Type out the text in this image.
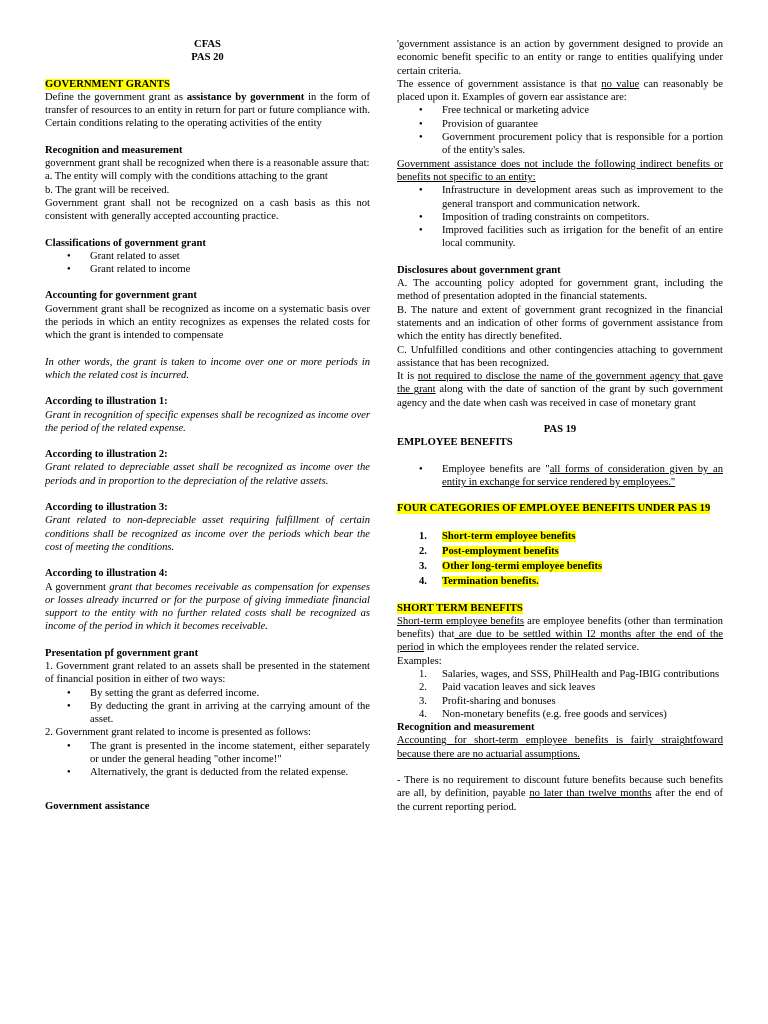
CFAS

PAS 20

GOVERNMENT GRANTS

Define the government grant as assistance by government in the form of transfer of resources to an entity in return for part or future compliance with. Certain conditions relating to the operating activities of the entity

Recognition and measurement

government grant shall be recognized when there is a reasonable assure that:

a. The entity will comply with the conditions attaching to the grant

b. The grant will be received.

Government grant shall not be recognized on a cash basis as this not consistent with generally accepted accounting practice.

Classifications of government grant

● Grant related to asset
● Grant related to income

Accounting for government grant

Government grant shall be recognized as income on a systematic basis over the periods in which an entity recognizes as expenses the related costs for which the grant is intended to compensate

In other words, the grant is taken to income over one or more periods in which the related cost is incurred.

According to illustration 1:

Grant in recognition of specific expenses shall be recognized as income over the period of the related expense.

According to illustration 2:

Grant related to depreciable asset shall be recognized as income over the periods and in proportion to the depreciation of the relative assets.

According to illustration 3:

Grant related to non-depreciable asset requiring fulfillment of certain conditions shall be recognized as income over the periods which bear the cost of meeting the conditions.

According to illustration 4:

A government grant that becomes receivable as compensation for expenses or losses already incurred or for the purpose of giving immediate financial support to the entity with no further related costs shall be recognized as income of the period in which it becomes receivable.

Presentation pf government grant

1. Government grant related to an assets shall be presented in the statement of financial position in either of two ways:

● By setting the grant as deferred income.
● By deducting the grant in arriving at the carrying amount of the asset.

2. Government grant related to income is presented as follows:

● The grant is presented in the income statement, either separately or under the general heading "other income!"
● Alternatively, the grant is deducted from the related expense.

Government assistance

'government assistance is an action by government designed to provide an economic benefit specific to an entity or range to entities qualifying under certain criteria.

The essence of government assistance is that no value can reasonably be placed upon it. Examples of govern ear assistance are:

● Free technical or marketing advice
● Provision of guarantee
● Government procurement policy that is responsible for a portion of the entity's sales.

Government assistance does not include the following indirect benefits or benefits not specific to an entity:

● Infrastructure in development areas such as improvement to the general transport and communication network.
● Imposition of trading constraints on competitors.
● Improved facilities such as irrigation for the benefit of an entire local community.

Disclosures about government grant

A. The accounting policy adopted for government grant, including the method of presentation adopted in the financial statements.

B. The nature and extent of government grant recognized in the financial statements and an indication of other forms of government assistance from which the entity has directly benefited.

C. Unfulfilled conditions and other contingencies attaching to government assistance that has been recognized.

It is not required to disclose the name of the government agency that gave the grant along with the date of sanction of the grant by such government agency and the date when cash was received in case of monetary grant

PAS 19

EMPLOYEE BENEFITS

● Employee benefits are "all forms of consideration given by an entity in exchange for service rendered by employees."

FOUR CATEGORIES OF EMPLOYEE BENEFITS UNDER PAS 19

1. Short-term employee benefits
2. Post-employment benefits
3. Other long-termi employee benefits
4. Termination benefits.

SHORT TERM BENEFITS

Short-term employee benefits are employee benefits (other than termination benefits) that are due to be settled within I2 months after the end of the period in which the employees render the related service.

Examples:

1. Salaries, wages, and SSS, PhilHealth and Pag-IBIG contributions
2. Paid vacation leaves and sick leaves
3. Profit-sharing and bonuses
4. Non-monetary benefits (e.g. free goods and services)

Recognition and measurement

Accounting for short-term employee benefits is fairly straightfoward because there are no actuarial assumptions.

- There is no requirement to discount future benefits because such benefits are all, by definition, payable no later than twelve months after the end of the current reporting period.
